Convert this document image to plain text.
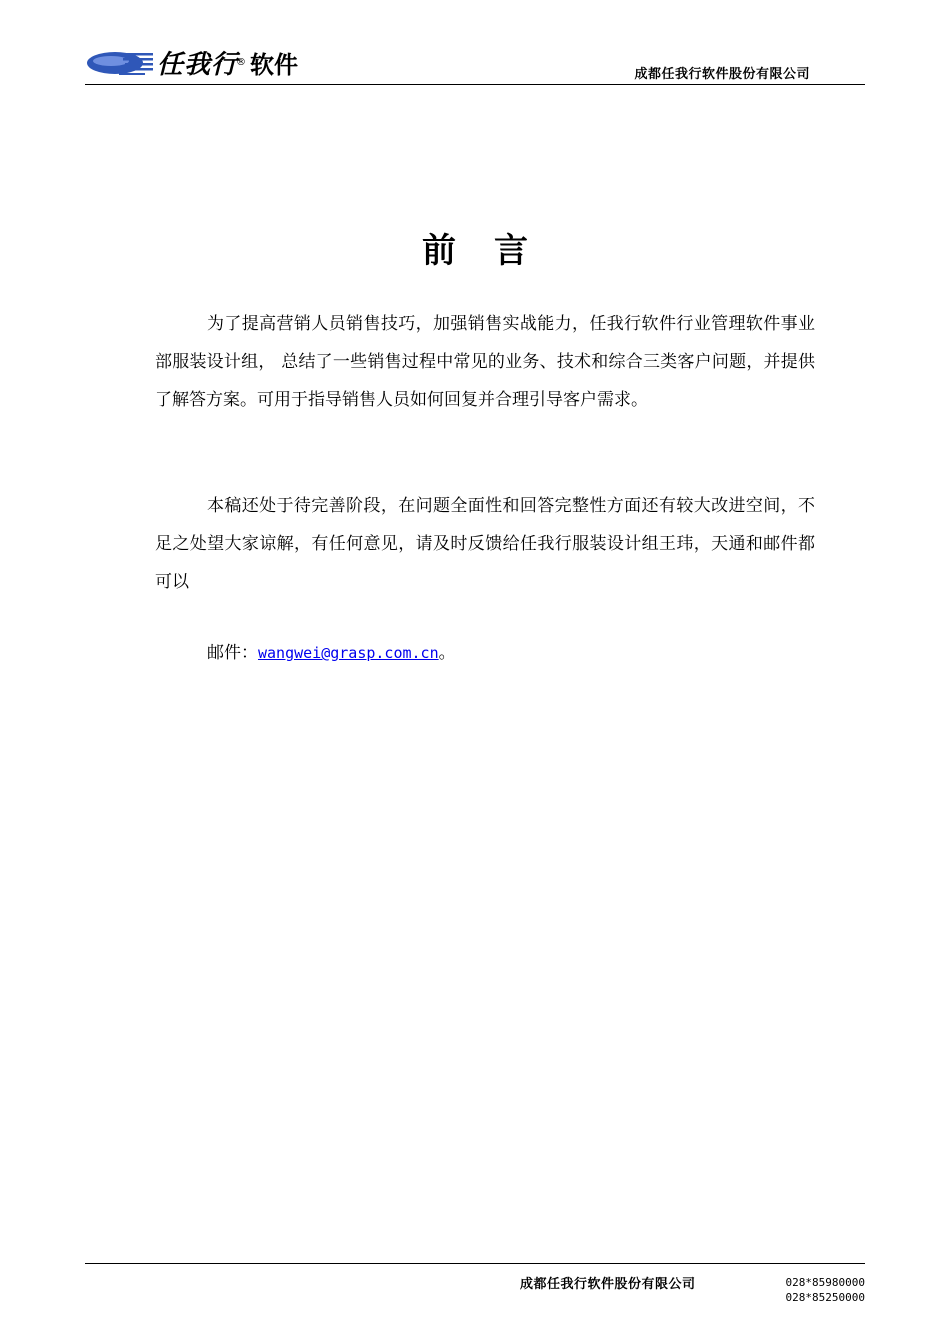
任我行
® 软件	成都任我行软件股份有限公司
前言

为了提高营销人员销售技巧，加强销售实战能力，任我行软件行业管理软件事业部服装设计组， 总结了一些销售过程中常见的业务、技术和综合三类客户问题，并提供了解答方案。可用于指导销售人员如何回复并合理引导客户需求。

本稿还处于待完善阶段，在问题全面性和回答完整性方面还有较大改进空间，不足之处望大家谅解，有任何意见，请及时反馈给任我行服装设计组王玮，天通和邮件都可以

邮件：wangwei@grasp.com.cn。

成都任我行软件股份有限公司	028*85980000
028*85250000
